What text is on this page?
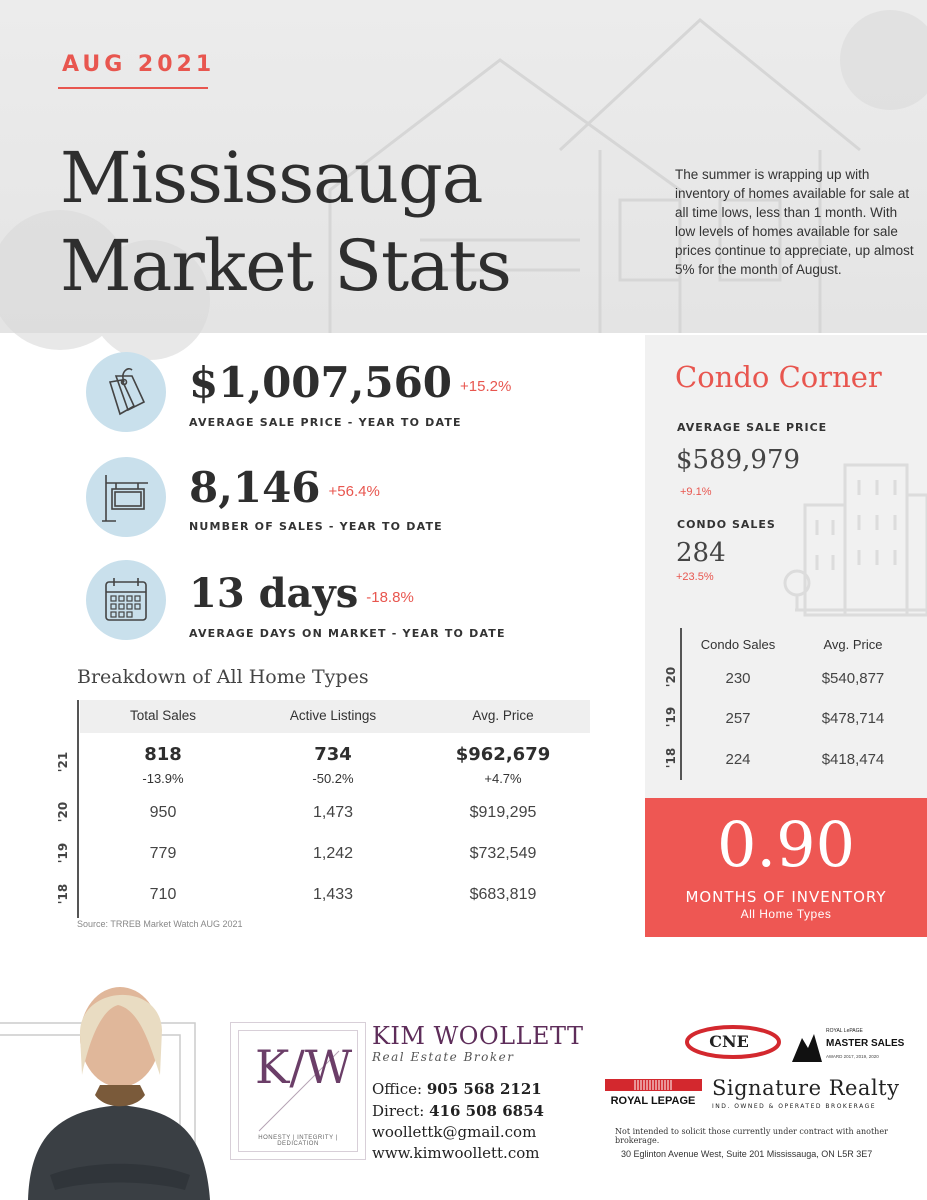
AUG 2021
Mississauga
Market Stats

The summer is wrapping up with inventory of homes available for sale at all time lows, less than 1 month. With low levels of homes available for sale prices continue to appreciate, up almost 5% for the month of August.

$1,007,560 +15.2%
AVERAGE SALE PRICE - YEAR TO DATE
8,146 +56.4%
NUMBER OF SALES - YEAR TO DATE
13 days -18.8%
AVERAGE DAYS ON MARKET - YEAR TO DATE
Breakdown of All Home Types
Total Sales	Active Listings	Avg. Price
'21	818	734	$962,679
-13.9%	-50.2%	+4.7%
'20	950	1,473	$919,295
'19	779	1,242	$732,549
'18	710	1,433	$683,819
Source: TRREB Market Watch AUG 2021
Condo Corner
AVERAGE SALE PRICE
$589,979
+9.1%
CONDO SALES
284
+23.5%
Condo Sales	Avg. Price
'20	230	$540,877
'19	257	$478,714
'18	224	$418,474
0.90
MONTHS OF INVENTORY
All Home Types
K/W
HONESTY | INTEGRITY | DEDICATION
KIM WOOLLETT
Real Estate Broker
Office: 905 568 2121
Direct: 416 508 6854
woollettk@gmail.com
www.kimwoollett.com
CNE
ROYAL LePAGE
MASTER SALES
AWARD 2017, 2019, 2020
ROYAL LEPAGE
Signature Realty
IND. OWNED & OPERATED BROKERAGE
Not intended to solicit those currently under contract with another brokerage.
30 Eglinton Avenue West, Suite 201 Mississauga, ON L5R 3E7
